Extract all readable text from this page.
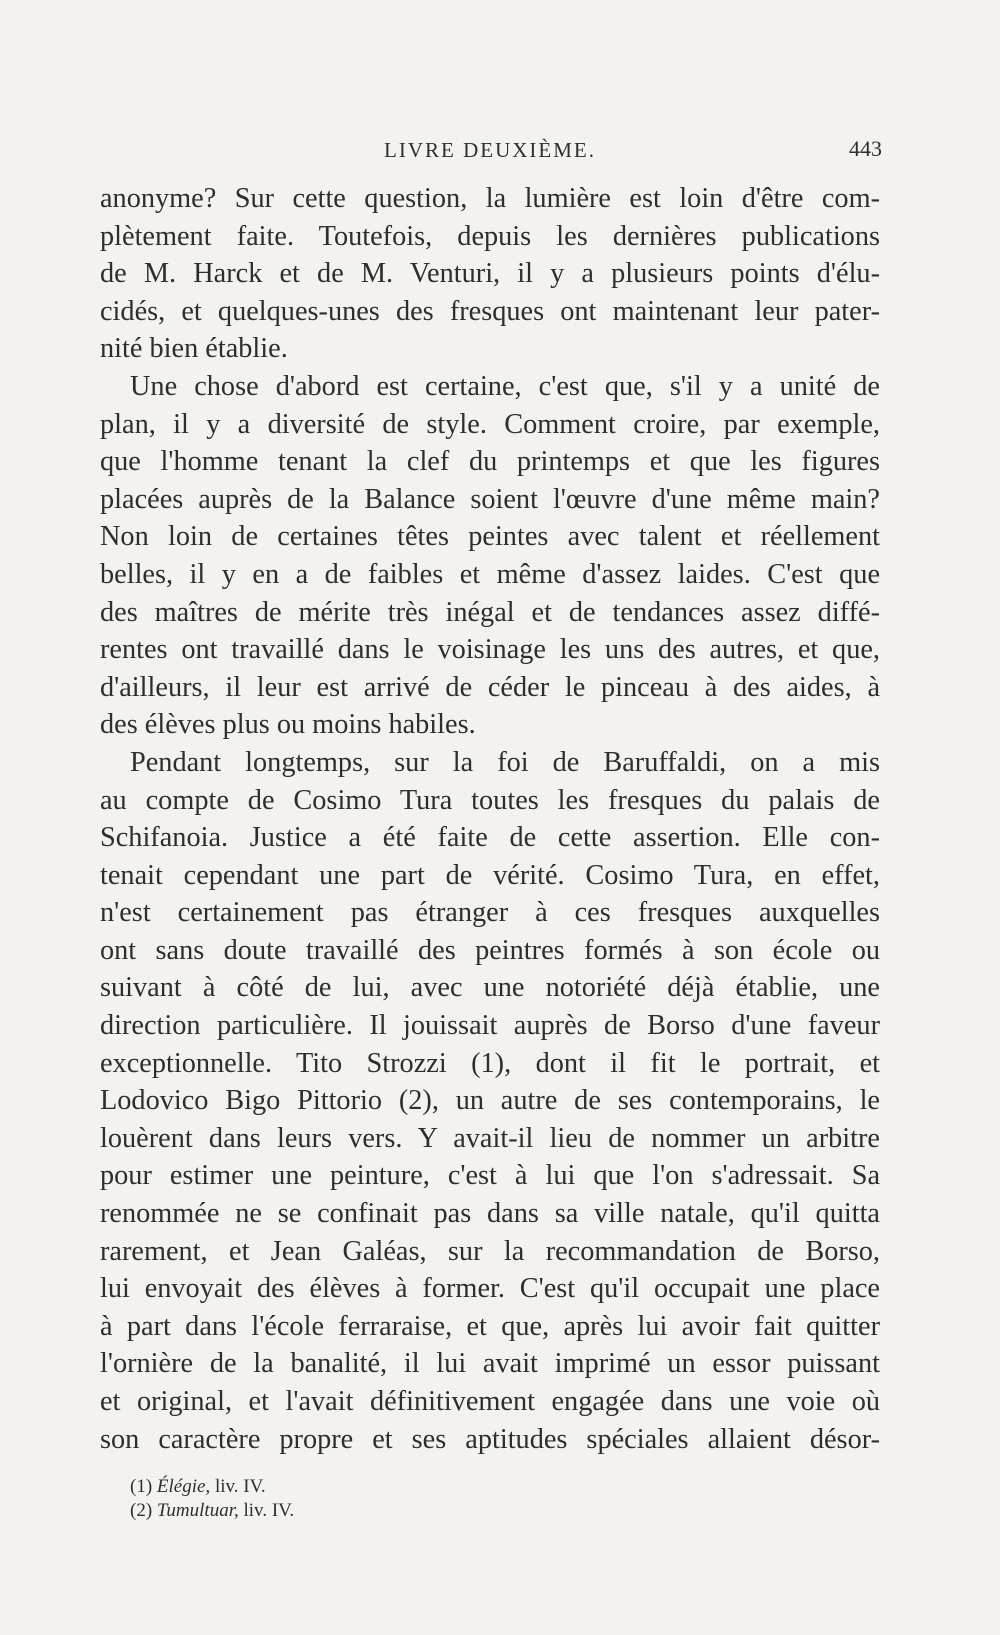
LIVRE DEUXIÈME.	443
anonyme? Sur cette question, la lumière est loin d'être com-
plètement faite. Toutefois, depuis les dernières publications
de M. Harck et de M. Venturi, il y a plusieurs points d'élu-
cidés, et quelques-unes des fresques ont maintenant leur pater-
nité bien établie.
Une chose d'abord est certaine, c'est que, s'il y a unité de
plan, il y a diversité de style. Comment croire, par exemple,
que l'homme tenant la clef du printemps et que les figures
placées auprès de la Balance soient l'œuvre d'une même main?
Non loin de certaines têtes peintes avec talent et réellement
belles, il y en a de faibles et même d'assez laides. C'est que
des maîtres de mérite très inégal et de tendances assez diffé-
rentes ont travaillé dans le voisinage les uns des autres, et que,
d'ailleurs, il leur est arrivé de céder le pinceau à des aides, à
des élèves plus ou moins habiles.
Pendant longtemps, sur la foi de Baruffaldi, on a mis
au compte de Cosimo Tura toutes les fresques du palais de
Schifanoia. Justice a été faite de cette assertion. Elle con-
tenait cependant une part de vérité. Cosimo Tura, en effet,
n'est certainement pas étranger à ces fresques auxquelles
ont sans doute travaillé des peintres formés à son école ou
suivant à côté de lui, avec une notoriété déjà établie, une
direction particulière. Il jouissait auprès de Borso d'une faveur
exceptionnelle. Tito Strozzi (1), dont il fit le portrait, et
Lodovico Bigo Pittorio (2), un autre de ses contemporains, le
louèrent dans leurs vers. Y avait-il lieu de nommer un arbitre
pour estimer une peinture, c'est à lui que l'on s'adressait. Sa
renommée ne se confinait pas dans sa ville natale, qu'il quitta
rarement, et Jean Galéas, sur la recommandation de Borso,
lui envoyait des élèves à former. C'est qu'il occupait une place
à part dans l'école ferraraise, et que, après lui avoir fait quitter
l'ornière de la banalité, il lui avait imprimé un essor puissant
et original, et l'avait définitivement engagée dans une voie où
son caractère propre et ses aptitudes spéciales allaient désor-
(1) Élégie, liv. IV.
(2) Tumultuar, liv. IV.
